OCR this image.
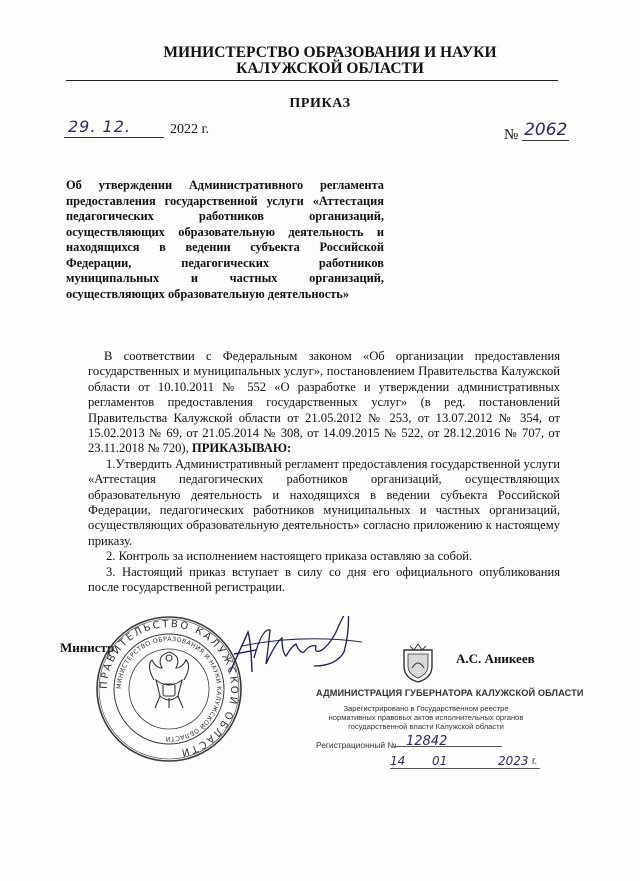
МИНИСТЕРСТВО ОБРАЗОВАНИЯ И НАУКИ
КАЛУЖСКОЙ ОБЛАСТИ
ПРИКАЗ
29. 12.	2022 г.	№ 2062
Об утверждении Административного регламента предоставления государственной услуги «Аттестация педагогических работников организаций, осуществляющих образовательную деятельность и находящихся в ведении субъекта Российской Федерации, педагогических работников муниципальных и частных организаций, осуществляющих образовательную деятельность»

В соответствии с Федеральным законом «Об организации предоставления государственных и муниципальных услуг», постановлением Правительства Калужской области от 10.10.2011 № 552 «О разработке и утверждении административных регламентов предоставления государственных услуг» (в ред. постановлений Правительства Калужской области от 21.05.2012 № 253, от 13.07.2012 № 354, от 15.02.2013 № 69, от 21.05.2014 № 308, от 14.09.2015 № 522, от 28.12.2016 № 707, от 23.11.2018 № 720), ПРИКАЗЫВАЮ:

1.Утвердить Административный регламент предоставления государственной услуги «Аттестация педагогических работников организаций, осуществляющих образовательную деятельность и находящихся в ведении субъекта Российской Федерации, педагогических работников муниципальных и частных организаций, осуществляющих образовательную деятельность» согласно приложению к настоящему приказу.

2. Контроль за исполнением настоящего приказа оставляю за собой.

3. Настоящий приказ вступает в силу со дня его официального опубликования после государственной регистрации.

Министр
А.С. Аникеев
ПРАВИТЕЛЬСТВО КАЛУЖСКОЙ ОБЛАСТИ
МИНИСТЕРСТВО ОБРАЗОВАНИЯ И НАУКИ КАЛУЖСКОЙ ОБЛАСТИ
АДМИНИСТРАЦИЯ ГУБЕРНАТОРА КАЛУЖСКОЙ ОБЛАСТИ
Зарегистрировано в Государственном реестре нормативных правовых актов исполнительных органов государственной власти Калужской области
Регистрационный № 12842
14 01	2023 г.
